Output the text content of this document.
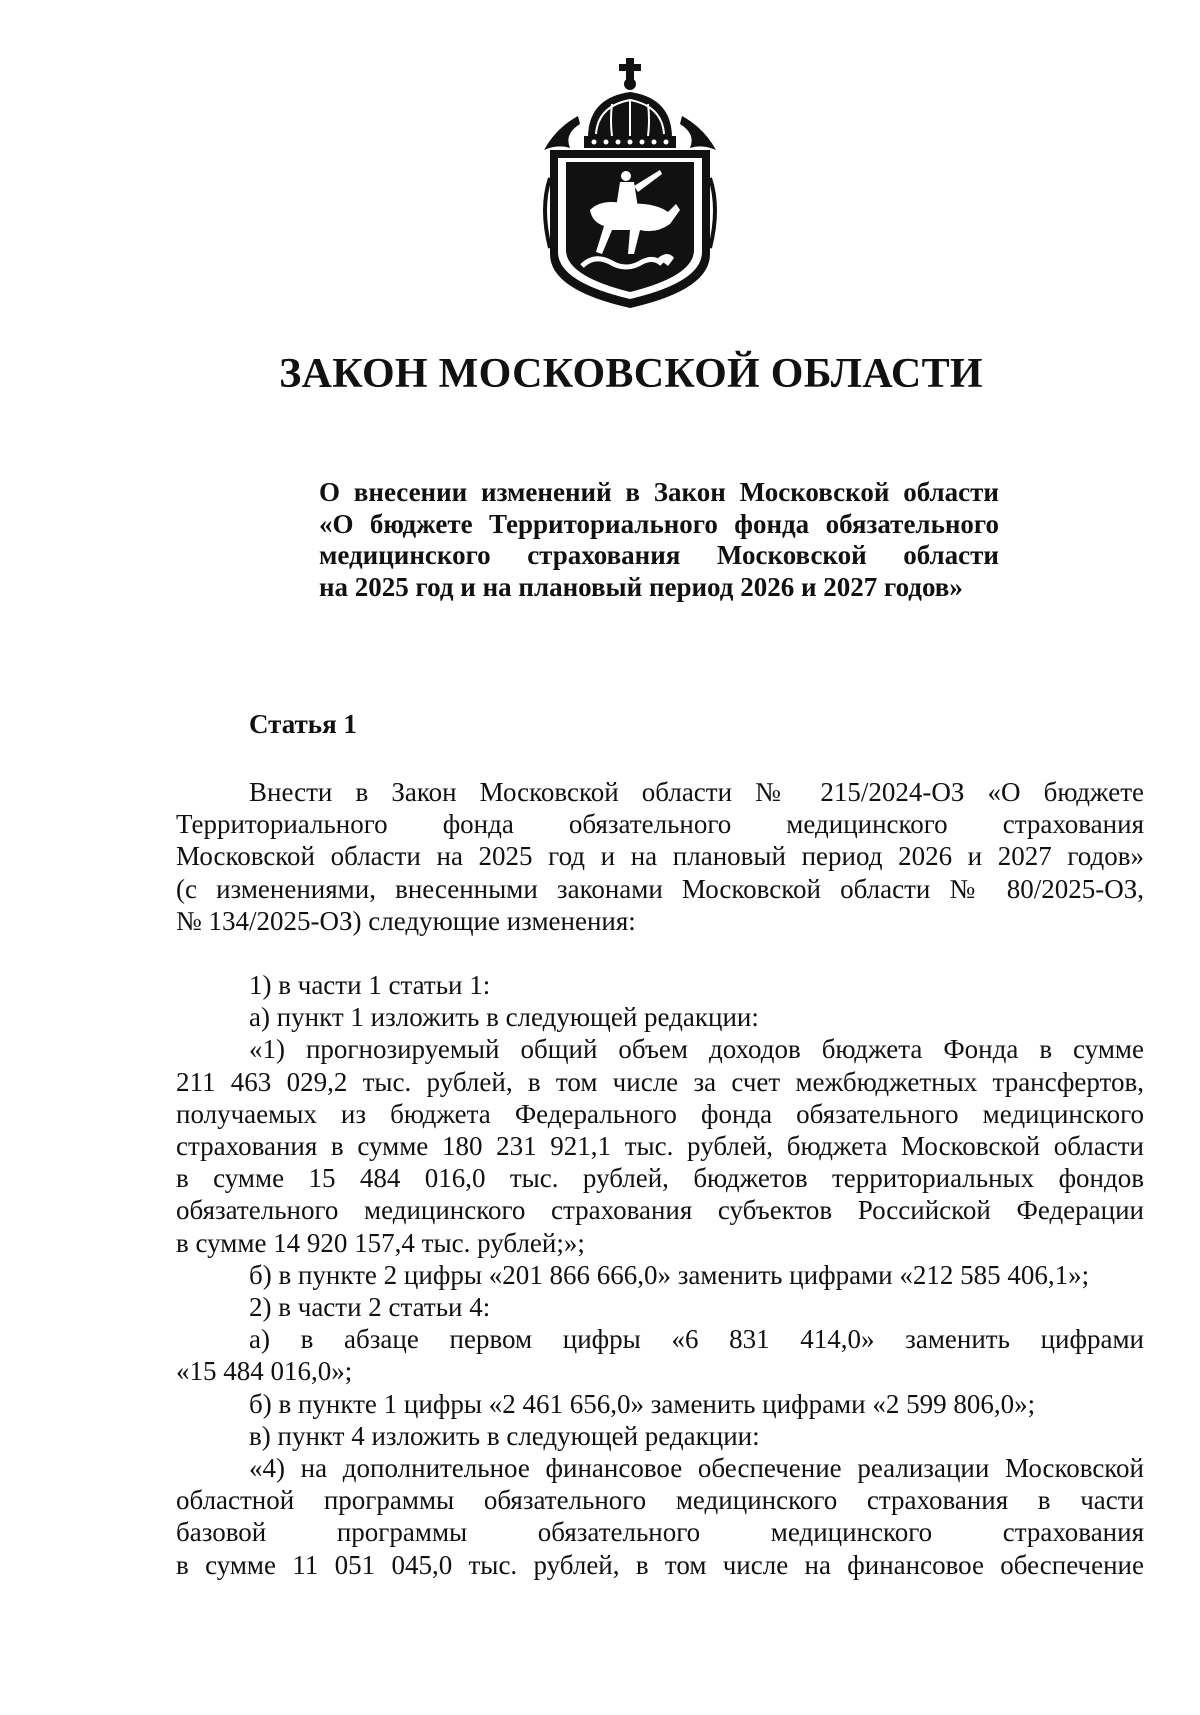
ЗАКОН МОСКОВСКОЙ ОБЛАСТИ
О внесении изменений в Закон Московской области
«О бюджете Территориального фонда обязательного
медицинского страхования Московской области
на 2025 год и на плановый период 2026 и 2027 годов»
Статья 1
Внести в Закон Московской области № 215/2024-ОЗ «О бюджете
Территориального фонда обязательного медицинского страхования
Московской области на 2025 год и на плановый период 2026 и 2027 годов»
(с изменениями, внесенными законами Московской области № 80/2025-ОЗ,
№ 134/2025-ОЗ) следующие изменения:
1) в части 1 статьи 1:
а) пункт 1 изложить в следующей редакции:
«1) прогнозируемый общий объем доходов бюджета Фонда в сумме
211 463 029,2 тыс. рублей, в том числе за счет межбюджетных трансфертов,
получаемых из бюджета Федерального фонда обязательного медицинского
страхования в сумме 180 231 921,1 тыс. рублей, бюджета Московской области
в сумме 15 484 016,0 тыс. рублей, бюджетов территориальных фондов
обязательного медицинского страхования субъектов Российской Федерации
в сумме 14 920 157,4 тыс. рублей;»;
б) в пункте 2 цифры «201 866 666,0» заменить цифрами «212 585 406,1»;
2) в части 2 статьи 4:
а) в абзаце первом цифры «6 831 414,0» заменить цифрами
«15 484 016,0»;
б) в пункте 1 цифры «2 461 656,0» заменить цифрами «2 599 806,0»;
в) пункт 4 изложить в следующей редакции:
«4) на дополнительное финансовое обеспечение реализации Московской
областной программы обязательного медицинского страхования в части
базовой программы обязательного медицинского страхования
в сумме 11 051 045,0 тыс. рублей, в том числе на финансовое обеспечение
